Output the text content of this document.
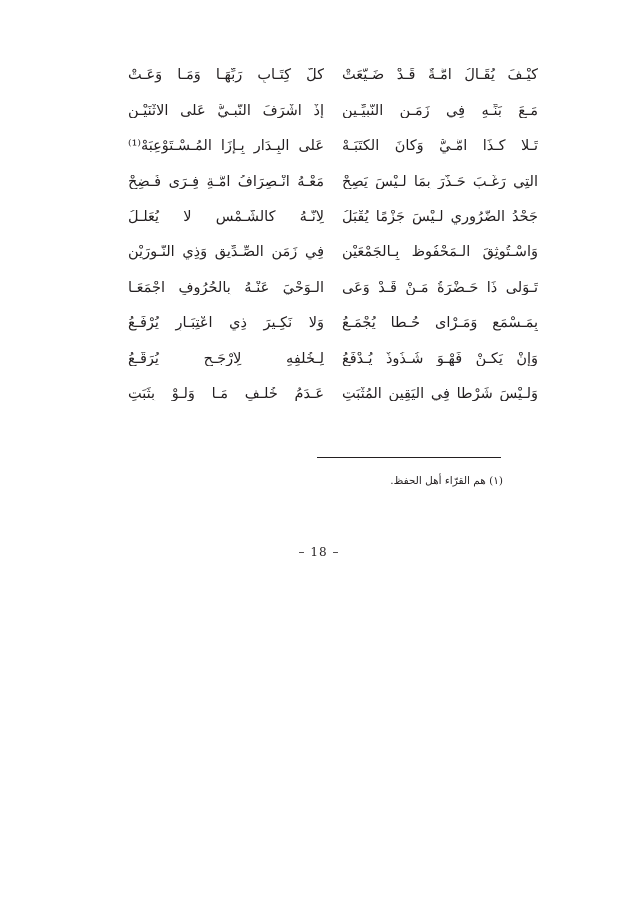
كَيْـفَ يُقَـالُ أُمَّـةٌ قَـدْ ضَـيَّعَتْ
كُلَّ كِتَـابِ رَبِّهَـا وَمَـا وَعَـتْ
مَـعَ بَنِّـهِ فِي زَمَـنِ النَّبِيِّـينِ
إِذْ أَشْرَفَ النَّبِـيُّ عَلَى الاثْنَيْـنِ
تَـلَا كَـذَا أُمَّـيٌّ وَكَانَ الْكَتَبَـهْ
عَلَى الْبِـدَارِ بِـإِزَا الْمُـسْـتَوْعِبَهْ⁽¹⁾
اَلَّتِي رَغَّـبَ حَـذَّرَ بِمَا لَـيْسَ يَصِحْ
مَعْـهُ انْـصِرَافُ أُمَّـةٍ فِـرَى فُـضِحْ
جَحْدُ الضَّرُورِي لَـيْسَ جَزْمًا يُقْبَلُ
لِأَنَّـهُ كَالشَّـمْسِ لَا يُعَلَّـلُ
وَاسْـتُوثِقَ الْـمَحْفُوظُ بِـالْجَمْعَيْنِ
فِي زَمَنِ الصِّـدِّيقِ وَذِي النُّـورَيْنِ
تَـوَلَّى ذَا حَـضْرَةُ مَـنْ قَـدْ وَعَى
الْـوَحْيَ عَنْـهُ بِالْحُرُوفِ أَجْمَعَـا
بِمَـسْمَعٍ وَمَـرْأًى حُـطًّا يُجْمَـعُ
وَلَا نَكِـيرَ ذِي اعْتِبَـارٍ يُرْفَـعُ
وَإِنْ يَكُـنْ فَهْـوَ شُـذُوذٌ يُـدْفَعُ
لِـخُلْفِهِ لِأَرْجَـحٍ يُرَقَّـعُ
وَلَـيْسَ شَرْطًا فِي الْيَقِينِ الْمُثْبَتِ
عَـدَمُ خُلْـفٍ مَـا وَلَـوْ بِثَبَتِ
(١) هم القرّاء أهل الحفظ.
– 18 –
